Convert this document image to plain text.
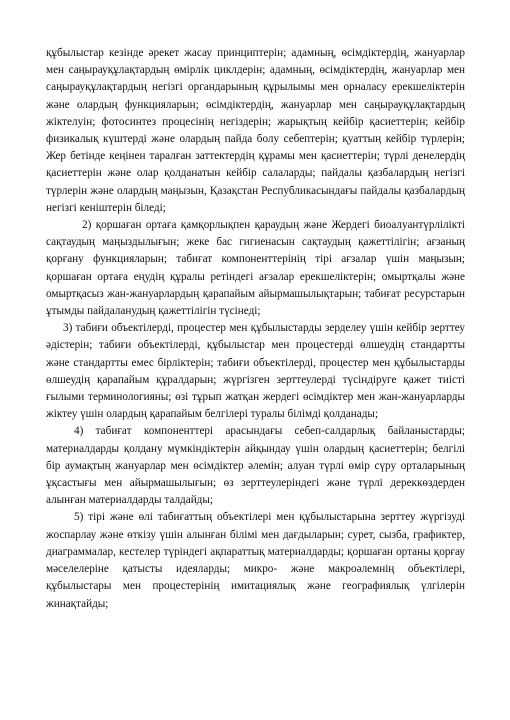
құбылыстар кезінде әрекет жасау принциптерін; адамның, өсімдіктердің, жануарлар мен саңырауқұлақтардың өмірлік циклдерін; адамның, өсімдіктердің, жануарлар мен саңырауқұлақтардың негізгі органдарының құрылымы мен орналасу ерекшеліктерін және олардың функцияларын; өсімдіктердің, жануарлар мен саңырауқұлақтардың жіктелуін; фотосинтез процесінің негіздерін; жарықтың кейбір қасиеттерін; кейбір физикалық күштерді және олардың пайда болу себептерін; қуаттың кейбір түрлерін; Жер бетінде кеңінен таралған заттектердің құрамы мен қасиеттерін; түрлі денелердің қасиеттерін және олар қолданатын кейбір салаларды; пайдалы қазбалардың негізгі түрлерін және олардың маңызын, Қазақстан Республикасындағы пайдалы қазбалардың негізгі кеніштерін біледі;

2) қоршаған ортаға қамқорлықпен қараудың және Жердегі биоалуантүрлілікті сақтаудың маңыздылығын; жеке бас гигиенасын сақтаудың қажеттілігін; ағзаның қорғану функцияларын; табиғат компоненттерінің тірі ағзалар үшін маңызын; қоршаған ортаға еңудің құралы ретіндегі ағзалар ерекшеліктерін; омыртқалы және омыртқасыз жан-жануарлардың қарапайым айырмашылықтарын; табиғат ресурстарын ұтымды пайдаланудың қажеттілігін түсінеді;

3) табиғи объектілерді, процестер мен құбылыстарды зерделеу үшін кейбір зерттеу әдістерін; табиғи объектілерді, құбылыстар мен процестерді өлшеудің стандартты және стандартты емес бірліктерін; табиғи объектілерді, процестер мен құбылыстарды өлшеудің қарапайым құралдарын; жүргізген зерттеулерді түсіндіруге қажет тиісті ғылыми терминологияны; өзі тұрып жатқан жердегі өсімдіктер мен жан-жануарларды жіктеу үшін олардың қарапайым белгілері туралы білімді қолданады;

4) табиғат компоненттері арасындағы себеп-салдарлық байланыстарды; материалдарды қолдану мүмкіндіктерін айқындау үшін олардың қасиеттерін; белгілі бір аумақтың жануарлар мен өсімдіктер әлемін; алуан түрлі өмір сүру орталарының ұқсастығы мен айырмашылығын; өз зерттеулеріндегі және түрлі дереккөздерден алынған материалдарды талдайды;

5) тірі және өлі табиғаттың объектілері мен құбылыстарына зерттеу жүргізуді жоспарлау және өткізу үшін алынған білімі мен дағдыларын; сурет, сызба, графиктер, диаграммалар, кестелер түріндегі ақпараттық материалдарды; қоршаған ортаны қорғау мәселелеріне қатысты идеяларды; микро- және макроәлемнің объектілері, құбылыстары мен процестерінің имитациялық және географиялық үлгілерін жинақтайды;
